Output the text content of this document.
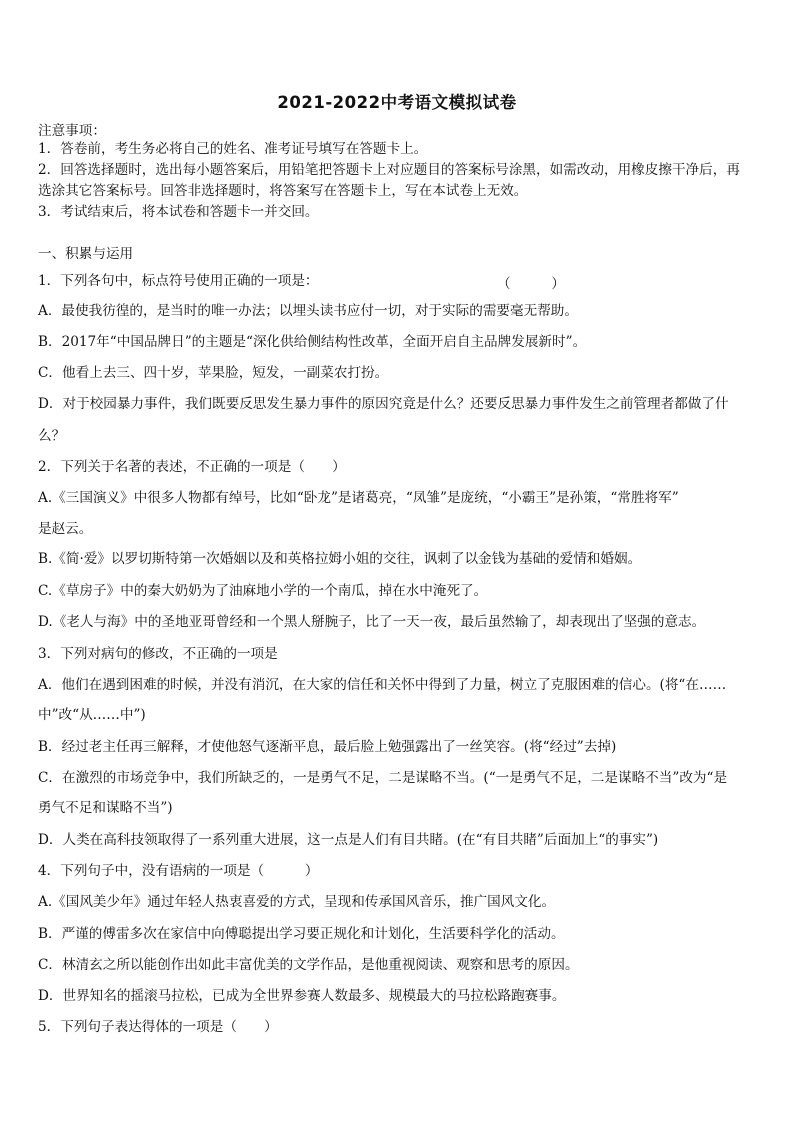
2021-2022中考语文模拟试卷
注意事项：
1．答卷前，考生务必将自己的姓名、准考证号填写在答题卡上。
2．回答选择题时，选出每小题答案后，用铅笔把答题卡上对应题目的答案标号涂黑，如需改动，用橡皮擦干净后，再
选涂其它答案标号。回答非选择题时，将答案写在答题卡上，写在本试卷上无效。
3．考试结束后，将本试卷和答题卡一并交回。
一、积累与运用
1．下列各句中，标点符号使用正确的一项是：	（　　　）
A．最使我彷徨的，是当时的唯一办法；以埋头读书应付一切，对于实际的需要毫无帮助。
B．2017年“中国品牌日”的主题是“深化供给侧结构性改革，全面开启自主品牌发展新时”。
C．他看上去三、四十岁，苹果脸，短发，一副菜农打扮。
D．对于校园暴力事件，我们既要反思发生暴力事件的原因究竟是什么？还要反思暴力事件发生之前管理者都做了什
么？
2．下列关于名著的表述，不正确的一项是（　　）
A.《三国演义》中很多人物都有绰号，比如“卧龙”是诸葛亮，“凤雏”是庞统，“小霸王”是孙策，“常胜将军”
是赵云。
B.《简·爱》以罗切斯特第一次婚姻以及和英格拉姆小姐的交往，讽刺了以金钱为基础的爱情和婚姻。
C.《草房子》中的秦大奶奶为了油麻地小学的一个南瓜，掉在水中淹死了。
D.《老人与海》中的圣地亚哥曾经和一个黑人掰腕子，比了一天一夜，最后虽然输了，却表现出了坚强的意志。
3．下列对病句的修改，不正确的一项是
A．他们在遇到困难的时候，并没有消沉，在大家的信任和关怀中得到了力量，树立了克服困难的信心。(将“在……
中”改“从……中”)
B．经过老主任再三解释，才使他怒气逐渐平息，最后脸上勉强露出了一丝笑容。(将“经过”去掉)
C．在激烈的市场竞争中，我们所缺乏的，一是勇气不足，二是谋略不当。(“一是勇气不足，二是谋略不当”改为“是
勇气不足和谋略不当”)
D．人类在高科技领取得了一系列重大进展，这一点是人们有目共睹。(在“有目共睹”后面加上“的事实”)
4．下列句子中，没有语病的一项是（　　　）
A.《国风美少年》通过年轻人热衷喜爱的方式，呈现和传承国风音乐，推广国风文化。
B．严谨的傅雷多次在家信中向傅聪提出学习要正规化和计划化，生活要科学化的活动。
C．林清玄之所以能创作出如此丰富优美的文学作品，是他重视阅读、观察和思考的原因。
D．世界知名的摇滚马拉松，已成为全世界参赛人数最多、规模最大的马拉松路跑赛事。
5．下列句子表达得体的一项是（　　）
